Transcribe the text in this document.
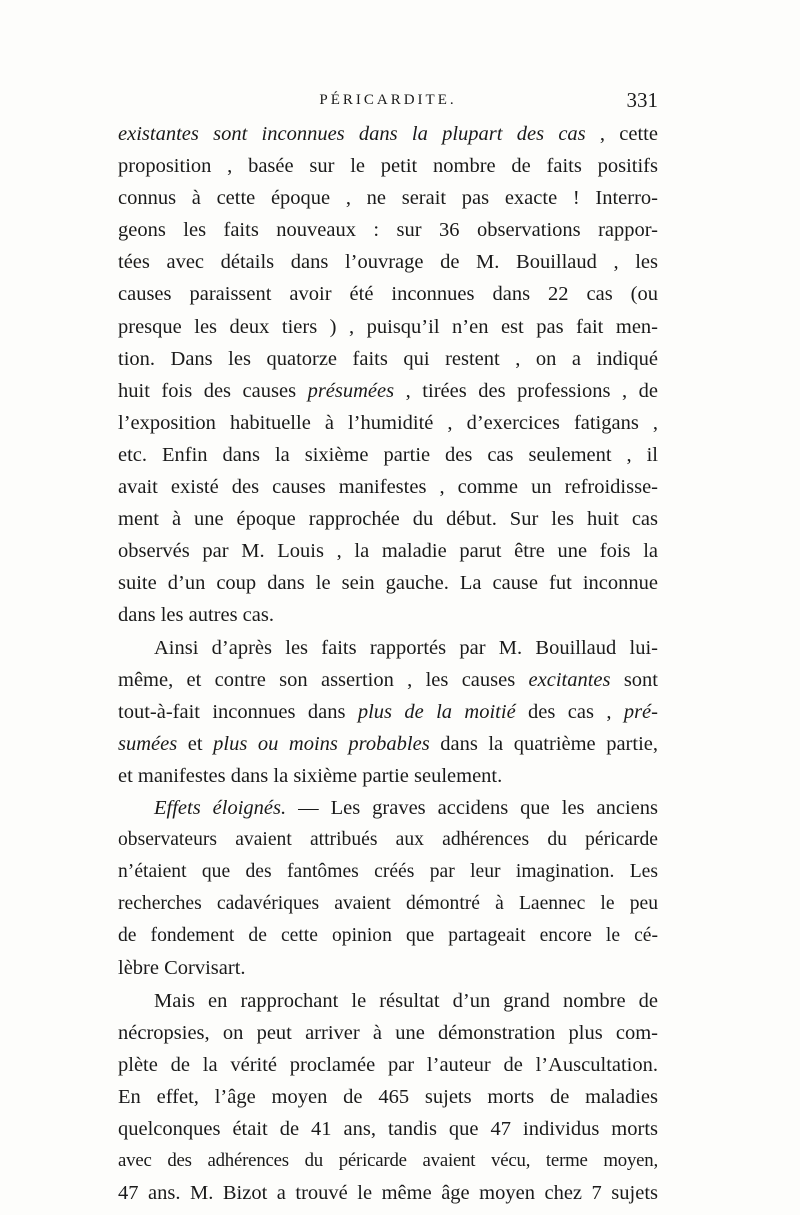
PÉRICARDITE.	331
existantes sont inconnues dans la plupart des cas , cette
proposition , basée sur le petit nombre de faits positifs
connus à cette époque , ne serait pas exacte ! Interro-
geons les faits nouveaux : sur 36 observations rappor-
tées avec détails dans l’ouvrage de M. Bouillaud , les
causes paraissent avoir été inconnues dans 22 cas (ou
presque les deux tiers ) , puisqu’il n’en est pas fait men-
tion. Dans les quatorze faits qui restent , on a indiqué
huit fois des causes présumées , tirées des professions , de
l’exposition habituelle à l’humidité , d’exercices fatigans ,
etc. Enfin dans la sixième partie des cas seulement , il
avait existé des causes manifestes , comme un refroidisse-
ment à une époque rapprochée du début. Sur les huit cas
observés par M. Louis , la maladie parut être une fois la
suite d’un coup dans le sein gauche. La cause fut inconnue
dans les autres cas.
Ainsi d’après les faits rapportés par M. Bouillaud lui-
même, et contre son assertion , les causes excitantes sont
tout-à-fait inconnues dans plus de la moitié des cas , pré-
sumées et plus ou moins probables dans la quatrième partie,
et manifestes dans la sixième partie seulement.
Effets éloignés. — Les graves accidens que les anciens
observateurs avaient attribués aux adhérences du péricarde
n’étaient que des fantômes créés par leur imagination. Les
recherches cadavériques avaient démontré à Laennec le peu
de fondement de cette opinion que partageait encore le cé-
lèbre Corvisart.
Mais en rapprochant le résultat d’un grand nombre de
nécropsies, on peut arriver à une démonstration plus com-
plète de la vérité proclamée par l’auteur de l’Auscultation.
En effet, l’âge moyen de 465 sujets morts de maladies
quelconques était de 41 ans, tandis que 47 individus morts
avec des adhérences du péricarde avaient vécu, terme moyen,
47 ans. M. Bizot a trouvé le même âge moyen chez 7 sujets
